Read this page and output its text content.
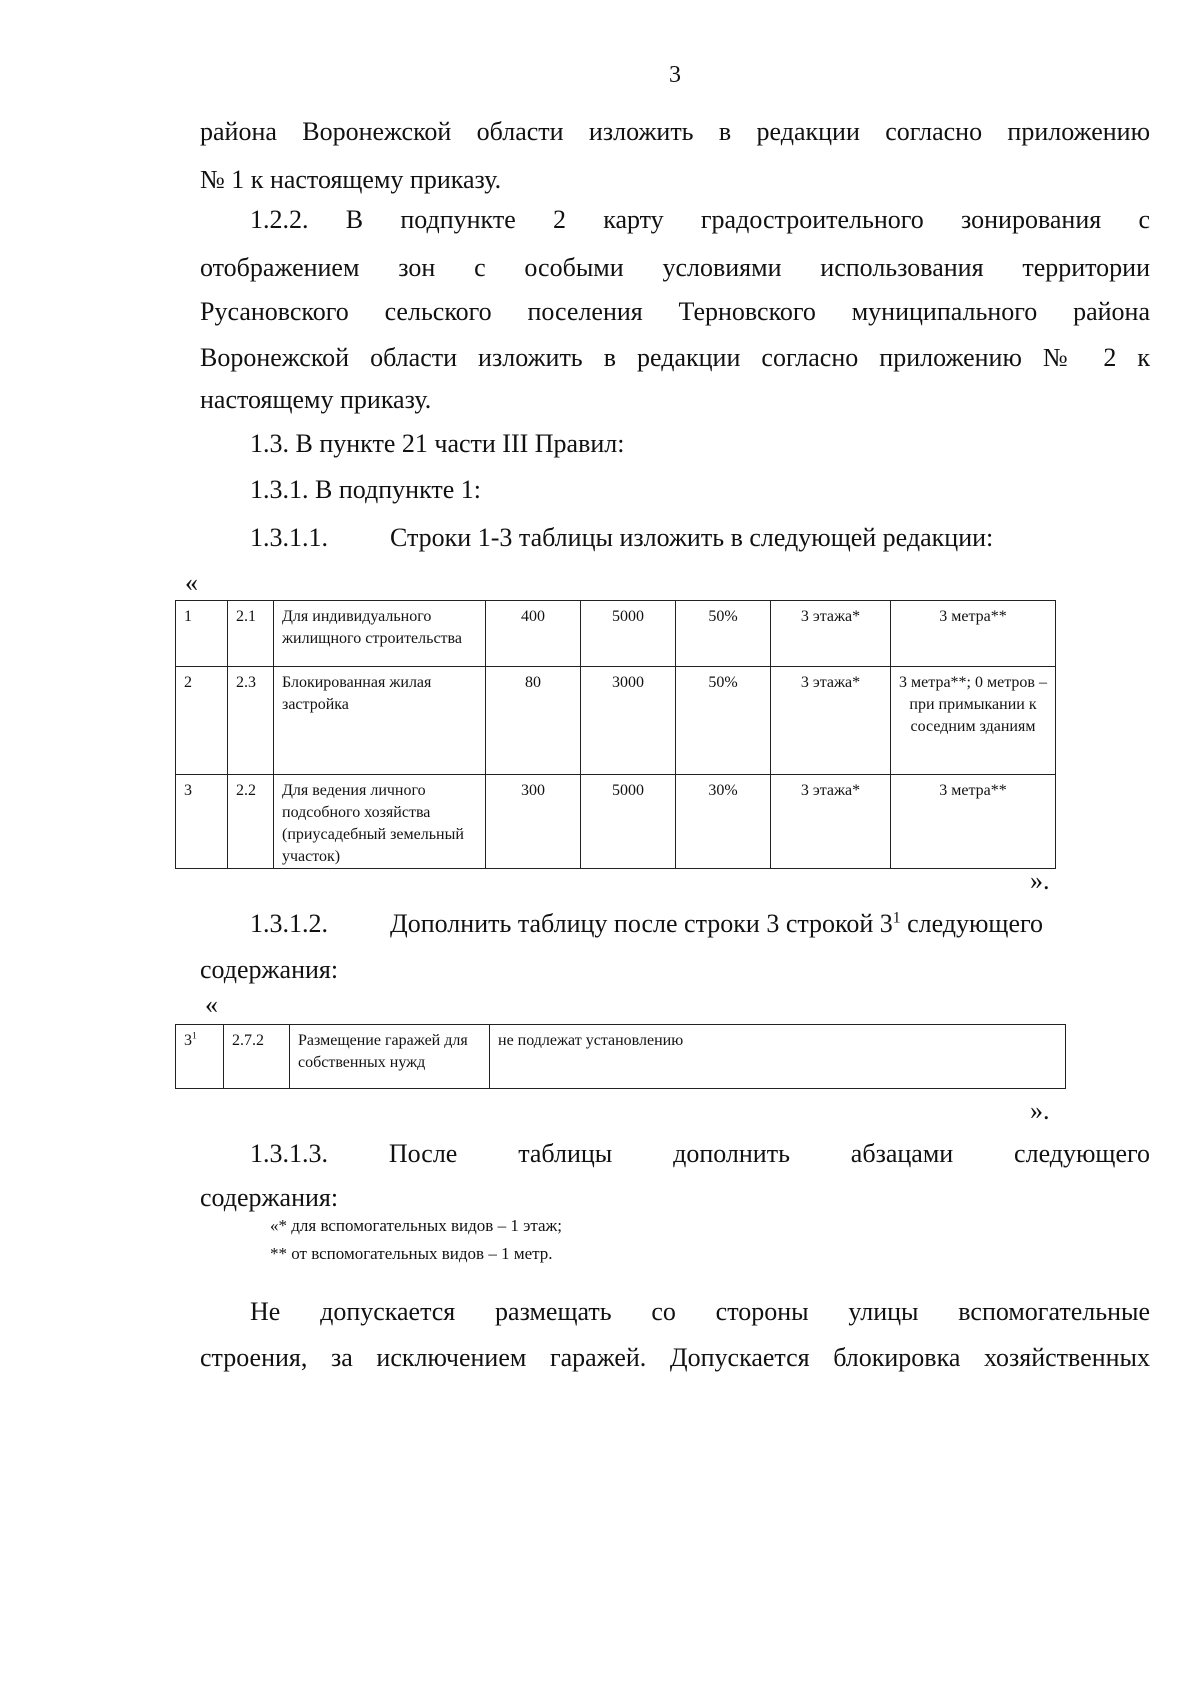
3

района Воронежской области изложить в редакции согласно приложению

№ 1 к настоящему приказу.

1.2.2. В подпункте 2 карту градостроительного зонирования с

отображением зон с особыми условиями использования территории

Русановского сельского поселения Терновского муниципального района

Воронежской области изложить в редакции согласно приложению № 2 к

настоящему приказу.

1.3. В пункте 21 части III Правил:

1.3.1. В подпункте 1:

1.3.1.1. Строки 1-3 таблицы изложить в следующей редакции:

«
1	2.1	Для индивидуального жилищного строительства	400	5000	50%	3 этажа*	3 метра**
2	2.3	Блокированная жилая застройка	80	3000	50%	3 этажа*	3 метра**; 0 метров – при примыкании к соседним зданиям
3	2.2	Для ведения личного подсобного хозяйства (приусадебный земельный участок)	300	5000	30%	3 этажа*	3 метра**
».

1.3.1.2. Дополнить таблицу после строки 3 строкой $3^1$ следующего

содержания:

«
$3^1$	2.7.2	Размещение гаражей для собственных нужд	не подлежат установлению
».

1.3.1.3. После таблицы дополнить абзацами следующего

содержания:

«* для вспомогательных видов – 1 этаж;
** от вспомогательных видов – 1 метр.

Не допускается размещать со стороны улицы вспомогательные

строения, за исключением гаражей. Допускается блокировка хозяйственных
